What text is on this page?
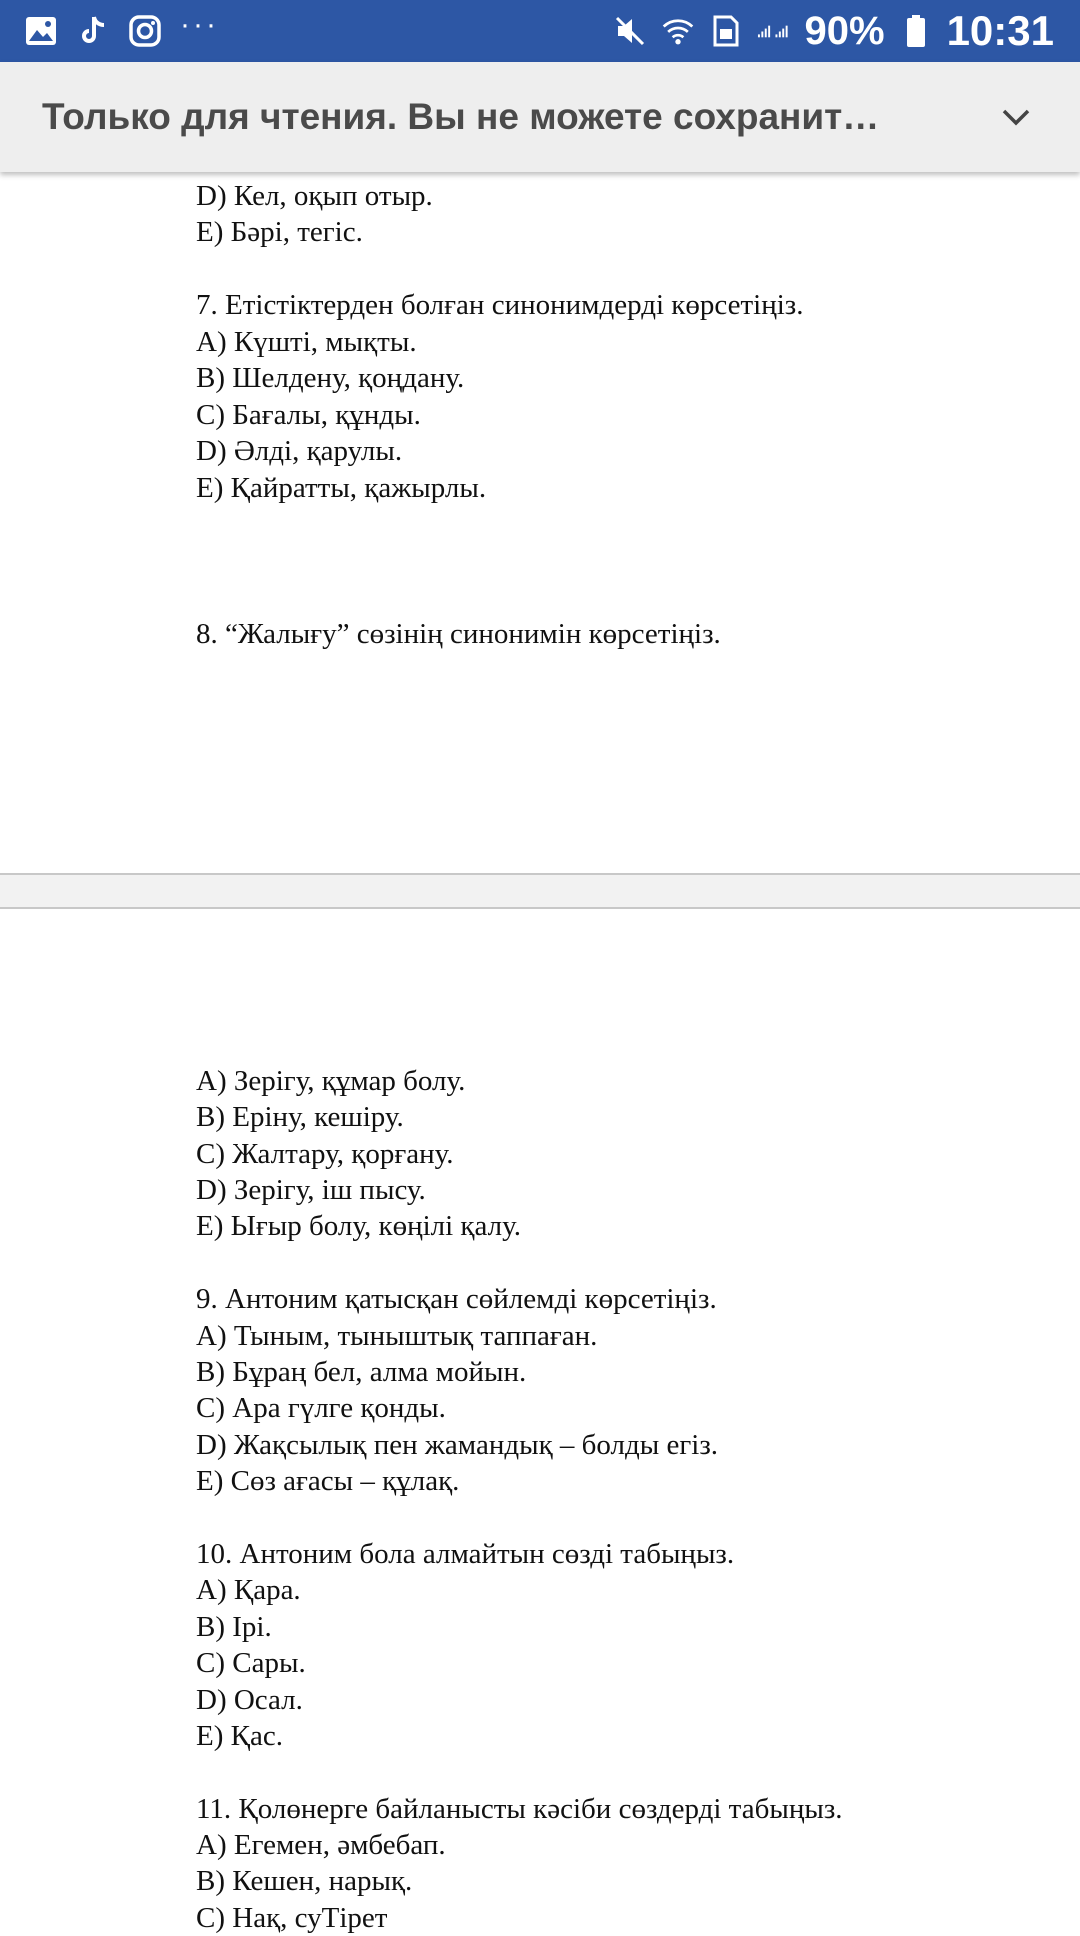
D) Кел, оқып отыр.
E) Бәрі, тегіс.
7. Етістіктерден болған синонимдерді көрсетіңіз.
A) Күшті, мықты.
B) Шелдену, қоңдану.
C) Бағалы, құнды.
D) Әлді, қарулы.
E) Қайратты, қажырлы.
8. “Жалығу” сөзінің синонимін көрсетіңіз.
A) Зерігу, құмар болу.
B) Еріну, кешіру.
C) Жалтару, қорғану.
D) Зерігу, іш пысу.
E) Ығыр болу, көңілі қалу.
9. Антоним қатысқан сөйлемді көрсетіңіз.
A) Тыным, тыныштық таппаған.
B) Бұраң бел, алма мойын.
C) Ара гүлге қонды.
D) Жақсылық пен жамандық – болды егіз.
E) Сөз ағасы – құлақ.
10. Антоним бола алмайтын сөзді табыңыз.
A) Қара.
B) Ірі.
C) Сары.
D) Осал.
E) Қас.
11. Қолөнерге байланысты кәсіби сөздерді табыңыз.
A) Егемен, әмбебап.
B) Кешен, нарық.
C) Нақ, суТірет
···	90% 10:31
Только для чтения. Вы не можете сохранит…
